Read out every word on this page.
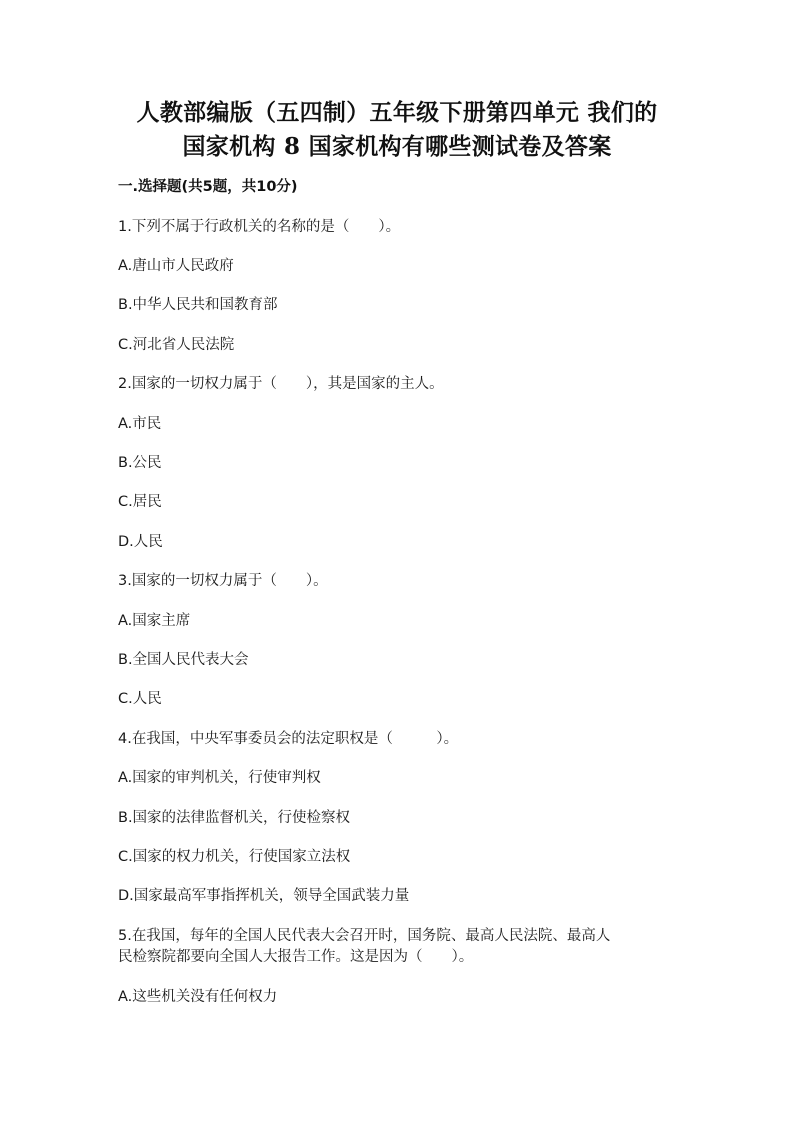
人教部编版（五四制）五年级下册第四单元 我们的
国家机构 8 国家机构有哪些测试卷及答案

一.选择题(共5题，共10分)

1.下列不属于行政机关的名称的是（　　）。

A.唐山市人民政府

B.中华人民共和国教育部

C.河北省人民法院

2.国家的一切权力属于（　　），其是国家的主人。

A.市民

B.公民

C.居民

D.人民

3.国家的一切权力属于（　　）。

A.国家主席

B.全国人民代表大会

C.人民

4.在我国，中央军事委员会的法定职权是（　　　）。

A.国家的审判机关，行使审判权

B.国家的法律监督机关，行使检察权

C.国家的权力机关，行使国家立法权

D.国家最高军事指挥机关，领导全国武装力量

5.在我国，每年的全国人民代表大会召开时，国务院、最高人民法院、最高人

民检察院都要向全国人大报告工作。这是因为（　　）。

A.这些机关没有任何权力
